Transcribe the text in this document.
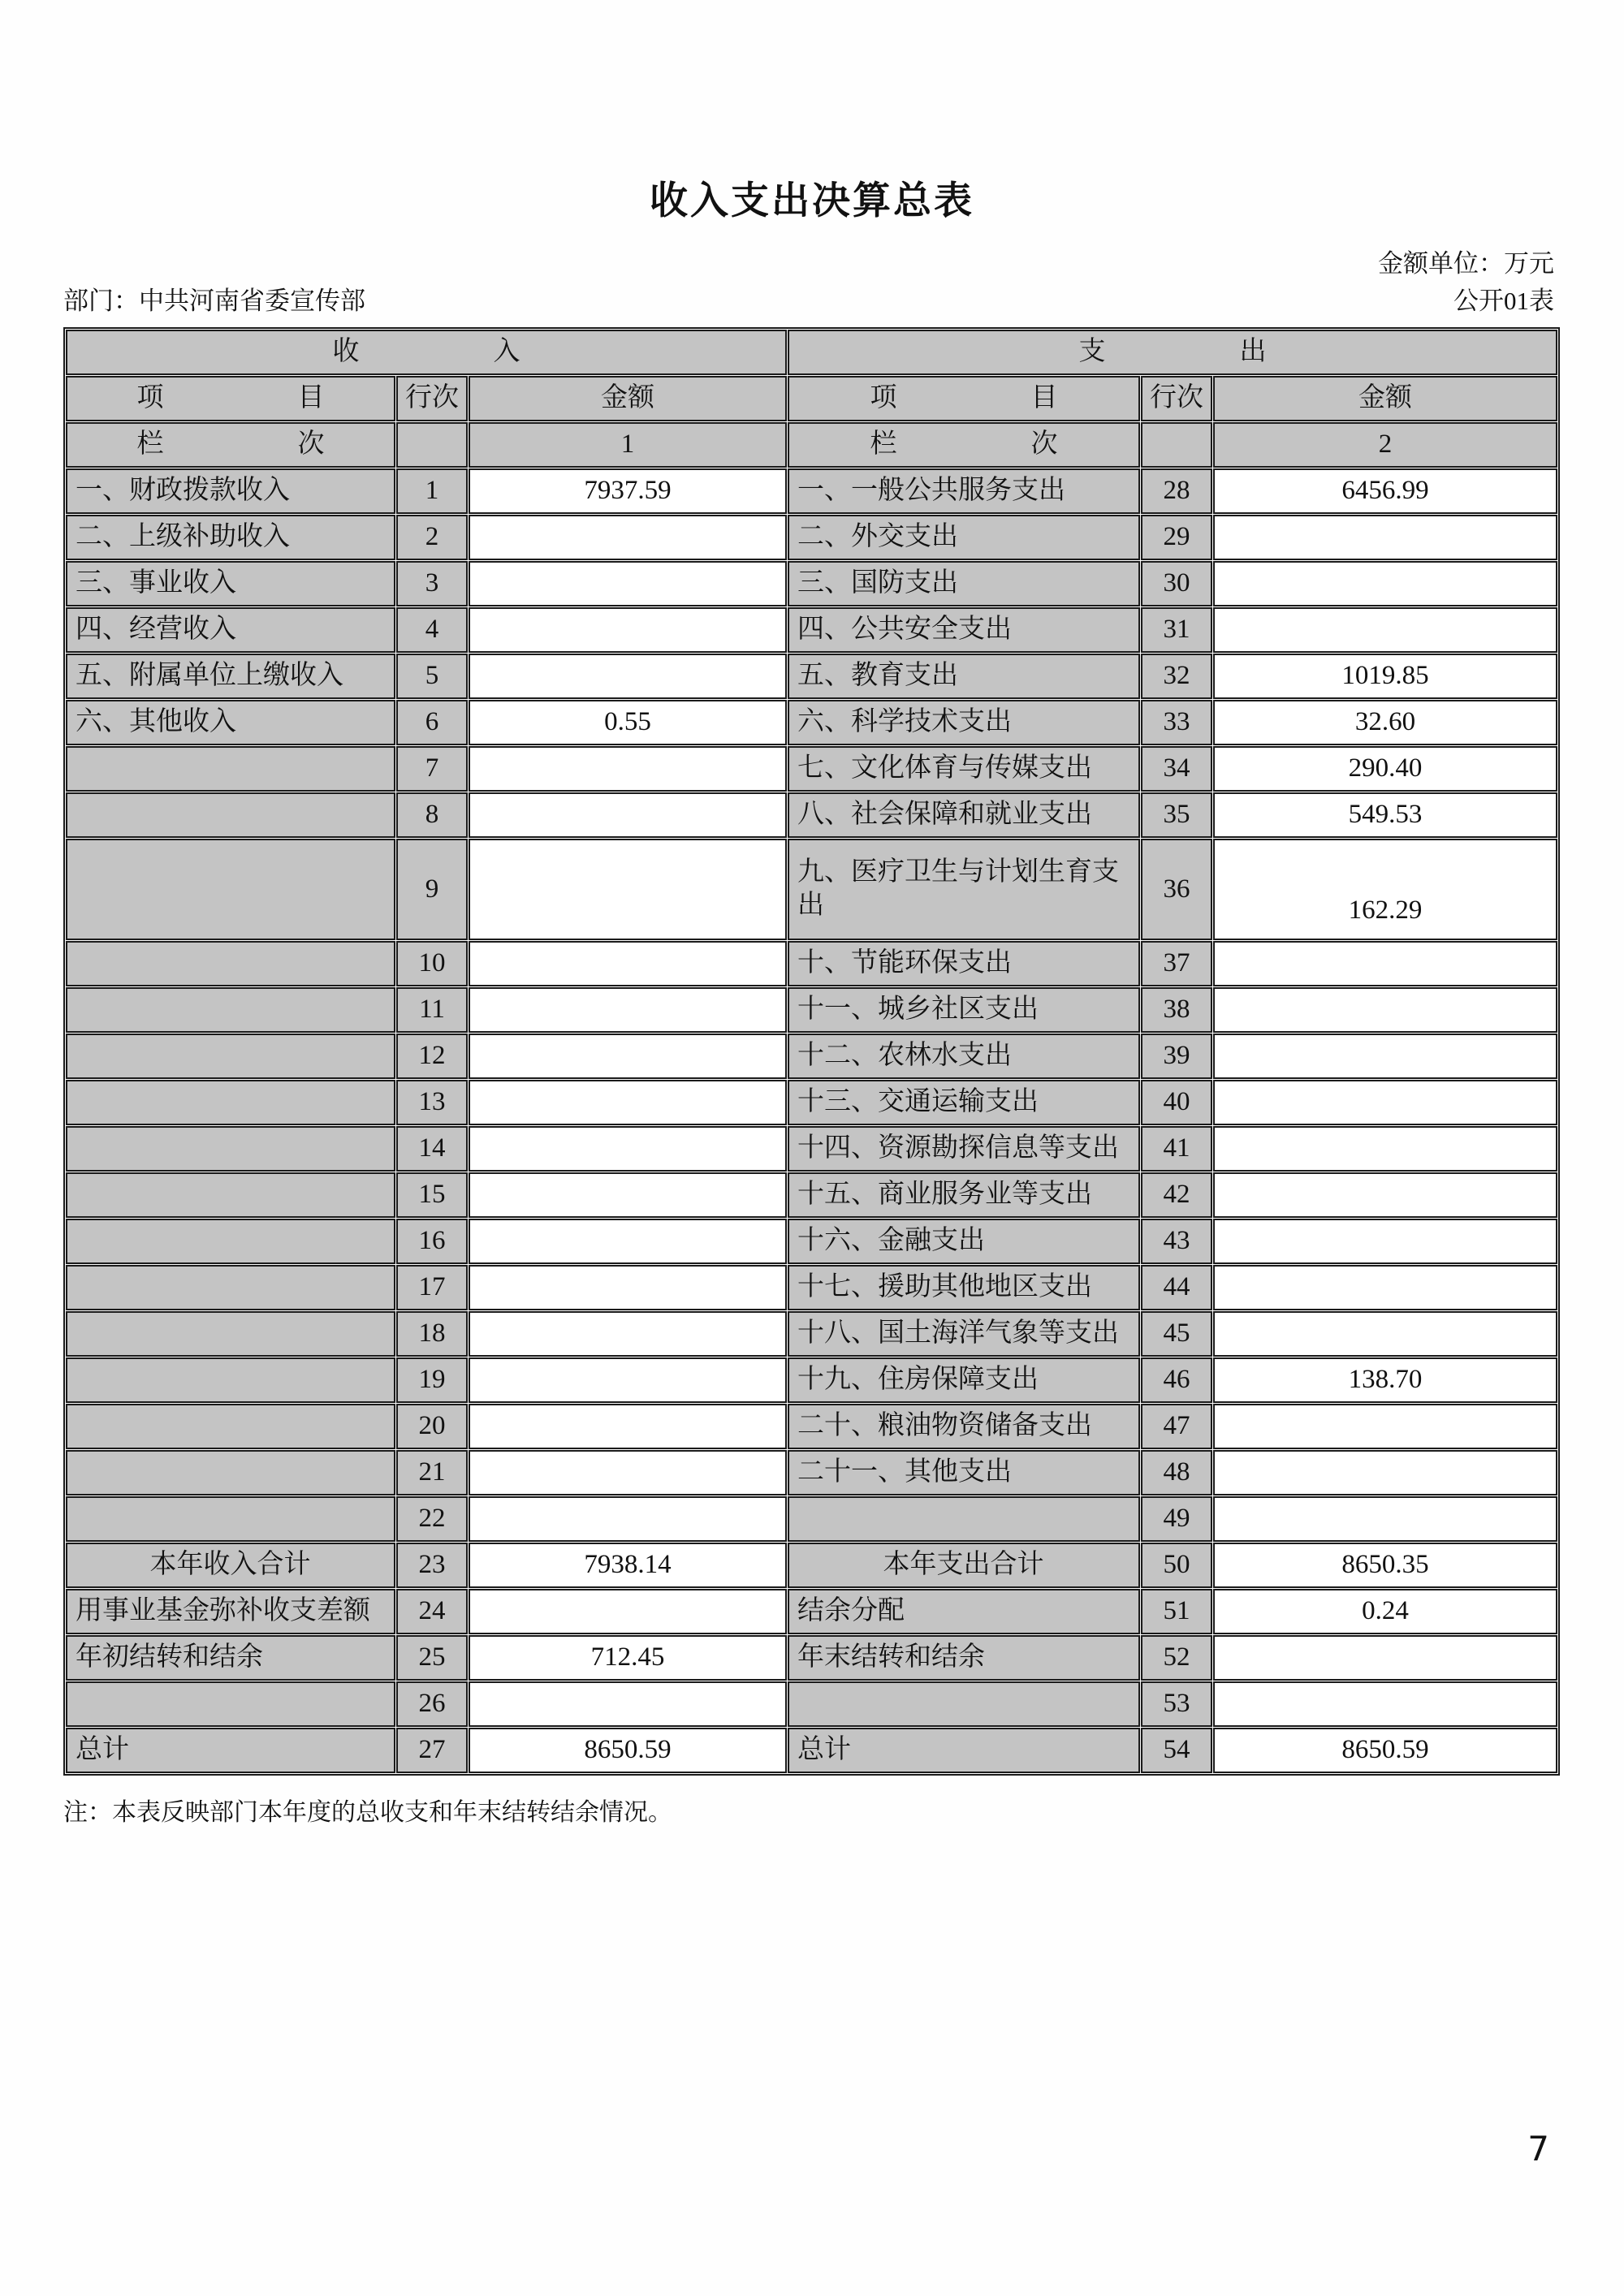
收入支出决算总表
金额单位：万元
部门：中共河南省委宣传部	公开01表
收　　　　　入			支　　　　　出		
项　　　　　目	行次	金额	项　　　　　目	行次	金额
栏　　　　　次		1	栏　　　　　次		2
一、财政拨款收入	1	7937.59	一、一般公共服务支出	28	6456.99
二、上级补助收入	2		二、外交支出	29	
三、事业收入	3		三、国防支出	30	
四、经营收入	4		四、公共安全支出	31	
五、附属单位上缴收入	5		五、教育支出	32	1019.85
六、其他收入	6	0.55	六、科学技术支出	33	32.60
	7		七、文化体育与传媒支出	34	290.40
	8		八、社会保障和就业支出	35	549.53
	9		九、医疗卫生与计划生育支出	36	162.29
	10		十、节能环保支出	37	
	11		十一、城乡社区支出	38	
	12		十二、农林水支出	39	
	13		十三、交通运输支出	40	
	14		十四、资源勘探信息等支出	41	
	15		十五、商业服务业等支出	42	
	16		十六、金融支出	43	
	17		十七、援助其他地区支出	44	
	18		十八、国土海洋气象等支出	45	
	19		十九、住房保障支出	46	138.70
	20		二十、粮油物资储备支出	47	
	21		二十一、其他支出	48	
	22			49	
本年收入合计	23	7938.14	本年支出合计	50	8650.35
用事业基金弥补收支差额	24		结余分配	51	0.24
年初结转和结余	25	712.45	年末结转和结余	52	
	26			53	
总计	27	8650.59	总计	54	8650.59
注：本表反映部门本年度的总收支和年末结转结余情况。
7
